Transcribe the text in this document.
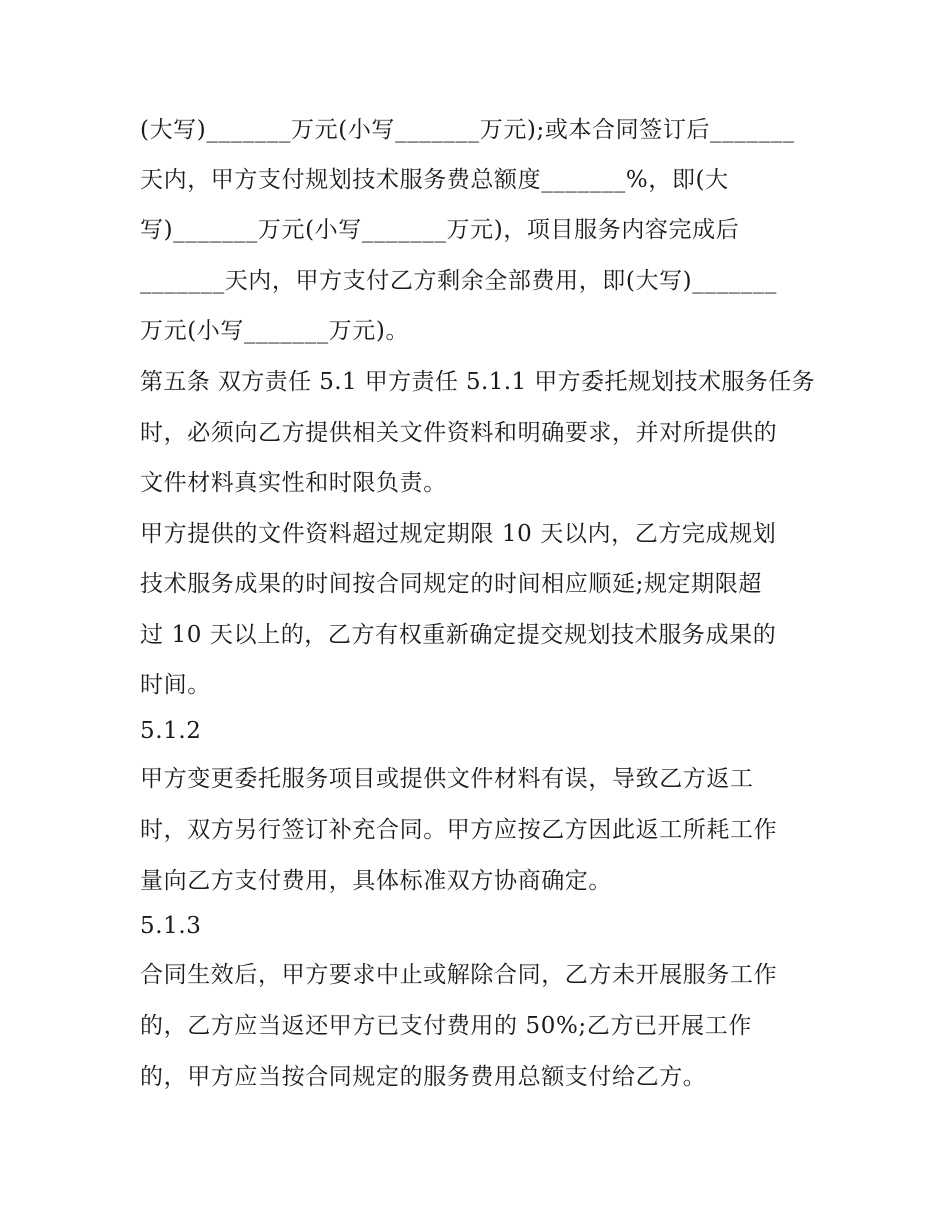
(大写)_______万元(小写_______万元);或本合同签订后_______
天内，甲方支付规划技术服务费总额度_______%，即(大
写)_______万元(小写_______万元)，项目服务内容完成后
_______天内，甲方支付乙方剩余全部费用，即(大写)_______
万元(小写_______万元)。
第五条 双方责任 5.1 甲方责任 5.1.1 甲方委托规划技术服务任务
时，必须向乙方提供相关文件资料和明确要求，并对所提供的
文件材料真实性和时限负责。
甲方提供的文件资料超过规定期限 10 天以内，乙方完成规划
技术服务成果的时间按合同规定的时间相应顺延;规定期限超
过 10 天以上的，乙方有权重新确定提交规划技术服务成果的
时间。
5.1.2
甲方变更委托服务项目或提供文件材料有误，导致乙方返工
时，双方另行签订补充合同。甲方应按乙方因此返工所耗工作
量向乙方支付费用，具体标准双方协商确定。
5.1.3
合同生效后，甲方要求中止或解除合同，乙方未开展服务工作
的，乙方应当返还甲方已支付费用的 50%;乙方已开展工作
的，甲方应当按合同规定的服务费用总额支付给乙方。
